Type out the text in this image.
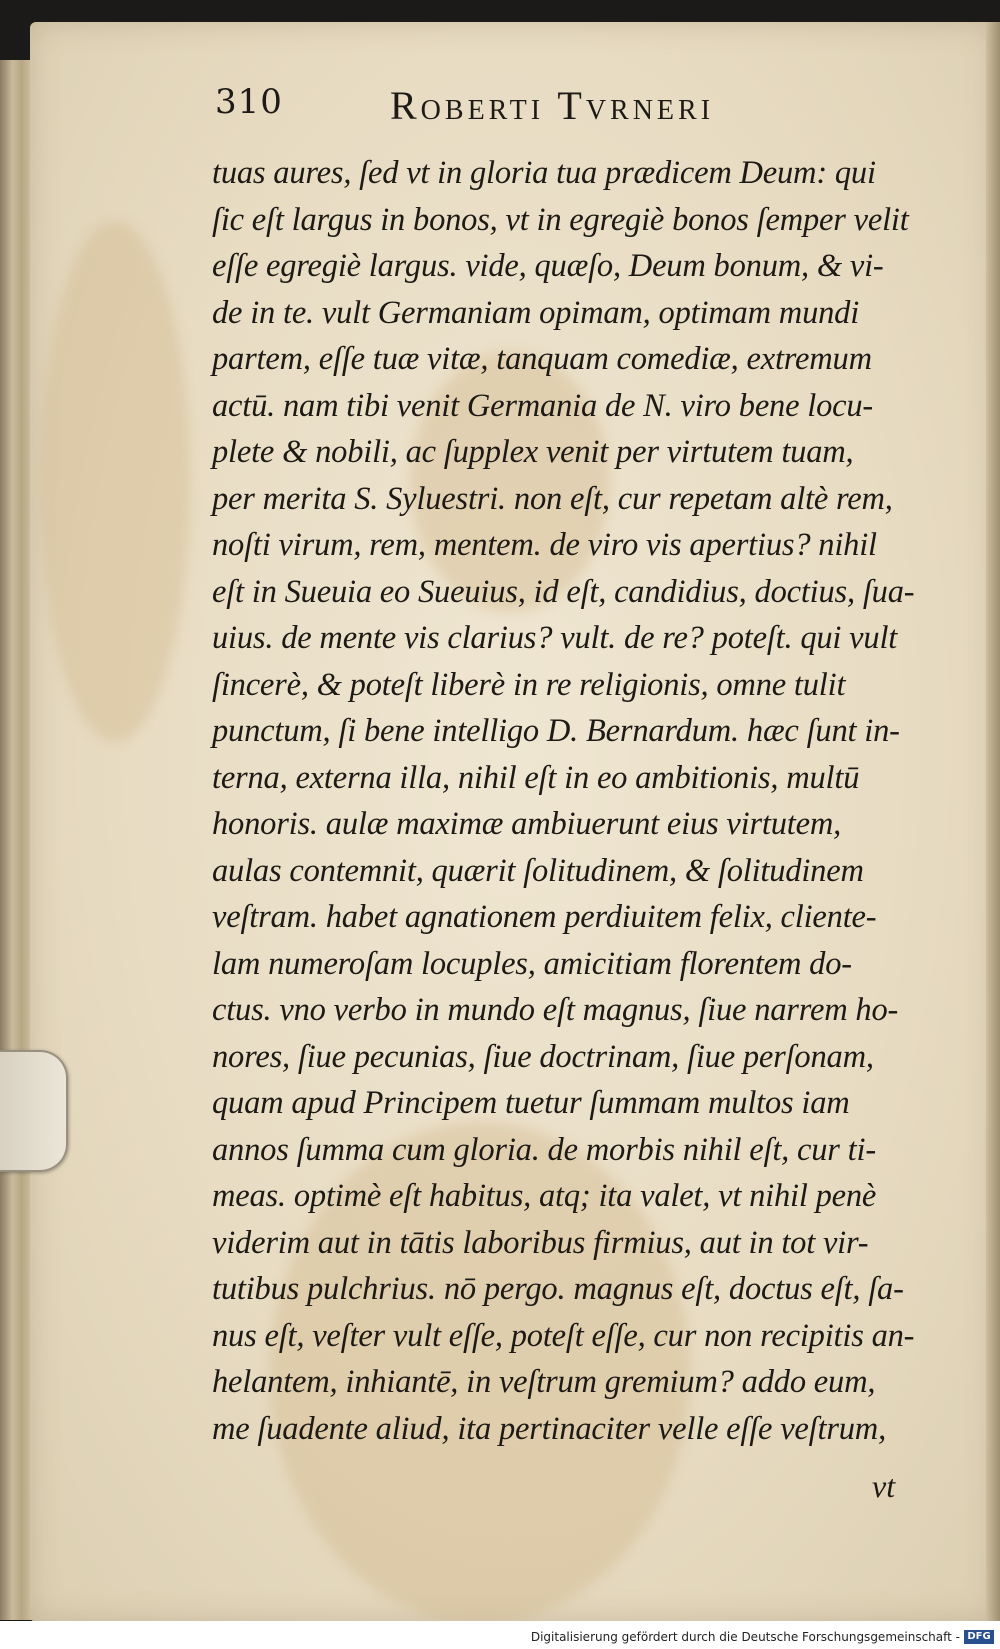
310	Roberti Tvrneri
tuas aures, ſed vt in gloria tua prædicem Deum: qui
ſic eſt largus in bonos, vt in egregiè bonos ſemper velit
eſſe egregiè largus. vide, quæſo, Deum bonum, & vi-
de in te. vult Germaniam opimam, optimam mundi
partem, eſſe tuæ vitæ, tanquam comediæ, extremum
actū. nam tibi venit Germania de N. viro bene locu-
plete & nobili, ac ſupplex venit per virtutem tuam,
per merita S. Syluestri. non eſt, cur repetam altè rem,
noſti virum, rem, mentem. de viro vis apertius? nihil
eſt in Sueuia eo Sueuius, id eſt, candidius, doctius, ſua-
uius. de mente vis clarius? vult. de re? poteſt. qui vult
ſincerè, & poteſt liberè in re religionis, omne tulit
punctum, ſi bene intelligo D. Bernardum. hæc ſunt in-
terna, externa illa, nihil eſt in eo ambitionis, multū
honoris. aulæ maximæ ambiuerunt eius virtutem,
aulas contemnit, quærit ſolitudinem, & ſolitudinem
veſtram. habet agnationem perdiuitem felix, cliente-
lam numeroſam locuples, amicitiam florentem do-
ctus. vno verbo in mundo eſt magnus, ſiue narrem ho-
nores, ſiue pecunias, ſiue doctrinam, ſiue perſonam,
quam apud Principem tuetur ſummam multos iam
annos ſumma cum gloria. de morbis nihil eſt, cur ti-
meas. optimè eſt habitus, atq; ita valet, vt nihil penè
viderim aut in tātis laboribus firmius, aut in tot vir-
tutibus pulchrius. nō pergo. magnus eſt, doctus eſt, ſa-
nus eſt, veſter vult eſſe, poteſt eſſe, cur non recipitis an-
helantem, inhiantē, in veſtrum gremium? addo eum,
me ſuadente aliud, ita pertinaciter velle eſſe veſtrum,
vt
Digitalisierung gefördert durch die Deutsche Forschungsgemeinschaft - DFG
